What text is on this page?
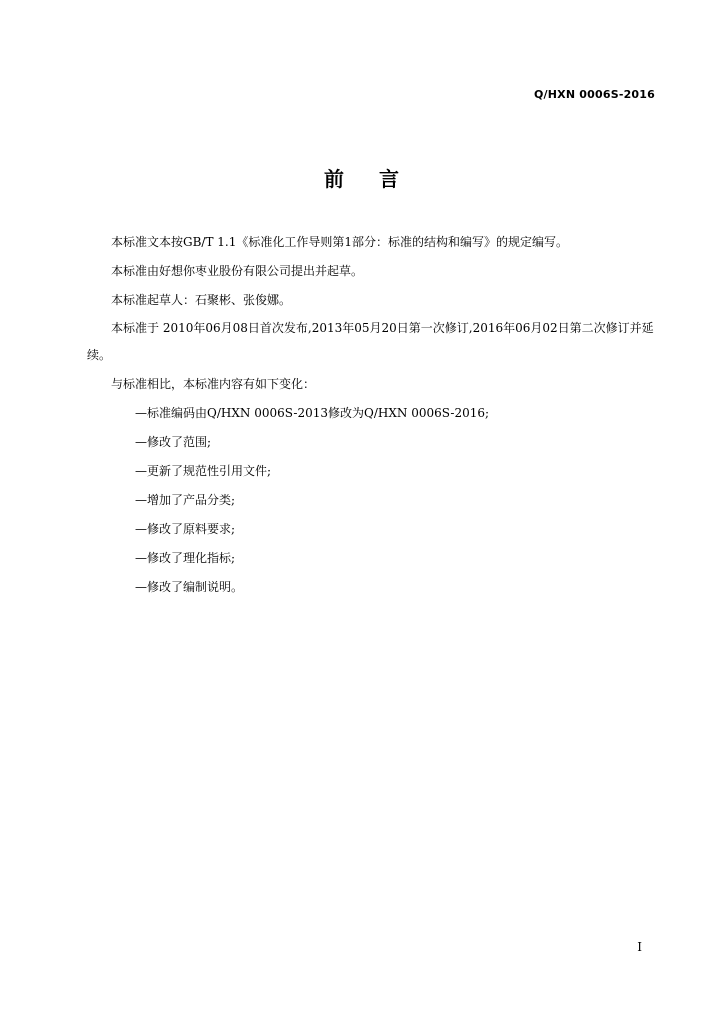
Q/HXN 0006S-2016
前 言

本标准文本按GB/T 1.1《标准化工作导则第1部分：标准的结构和编写》的规定编写。

本标准由好想你枣业股份有限公司提出并起草。

本标准起草人：石聚彬、张俊娜。

本标准于 2010年06月08日首次发布,2013年05月20日第一次修订,2016年06月02日第二次修订并延续。

与标准相比，本标准内容有如下变化：

—标准编码由Q/HXN 0006S-2013修改为Q/HXN 0006S-2016;
—修改了范围;
—更新了规范性引用文件;
—增加了产品分类;
—修改了原料要求;
—修改了理化指标;
—修改了编制说明。
I
